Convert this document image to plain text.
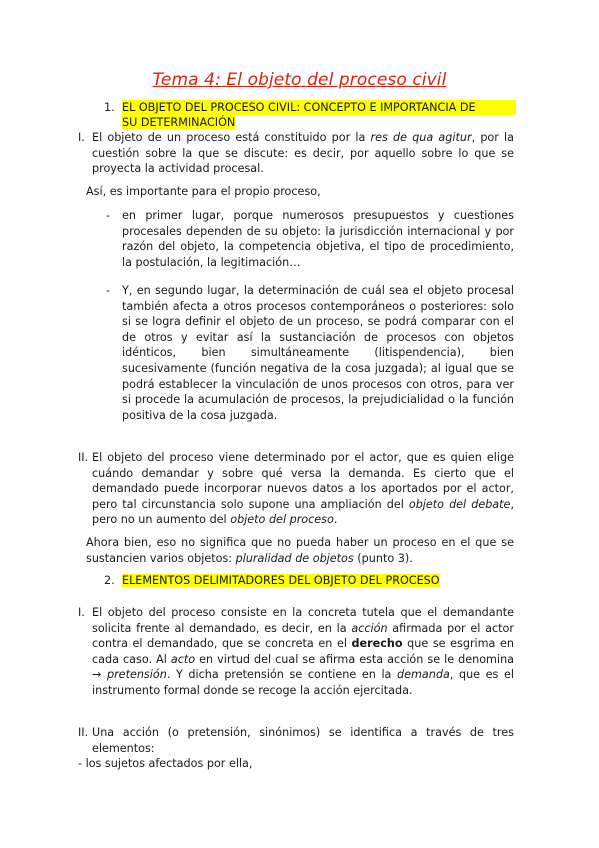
Tema 4: El objeto del proceso civil
1. EL OBJETO DEL PROCESO CIVIL: CONCEPTO E IMPORTANCIA DE
SU DETERMINACIÓN
I. El objeto de un proceso está constituido por la res de qua agitur, por la cuestión sobre la que se discute: es decir, por aquello sobre lo que se proyecta la actividad procesal.
Así, es importante para el propio proceso,
- en primer lugar, porque numerosos presupuestos y cuestiones procesales dependen de su objeto: la jurisdicción internacional y por razón del objeto, la competencia objetiva, el tipo de procedimiento, la postulación, la legitimación…
- Y, en segundo lugar, la determinación de cuál sea el objeto procesal también afecta a otros procesos contemporáneos o posteriores: solo si se logra definir el objeto de un proceso, se podrá comparar con el de otros y evitar así la sustanciación de procesos con objetos idénticos, bien simultáneamente (litispendencia), bien sucesivamente (función negativa de la cosa juzgada); al igual que se podrá establecer la vinculación de unos procesos con otros, para ver si procede la acumulación de procesos, la prejudicialidad o la función positiva de la cosa juzgada.
II. El objeto del proceso viene determinado por el actor, que es quien elige cuándo demandar y sobre qué versa la demanda. Es cierto que el demandado puede incorporar nuevos datos a los aportados por el actor, pero tal circunstancia solo supone una ampliación del objeto del debate, pero no un aumento del objeto del proceso.
Ahora bien, eso no significa que no pueda haber un proceso en el que se sustancien varios objetos: pluralidad de objetos (punto 3).
2. ELEMENTOS DELIMITADORES DEL OBJETO DEL PROCESO
I. El objeto del proceso consiste en la concreta tutela que el demandante solicita frente al demandado, es decir, en la acción afirmada por el actor contra el demandado, que se concreta en el derecho que se esgrima en cada caso. Al acto en virtud del cual se afirma esta acción se le denomina → pretensión. Y dicha pretensión se contiene en la demanda, que es el instrumento formal donde se recoge la acción ejercitada.
II. Una acción (o pretensión, sinónimos) se identifica a través de tres elementos:
- los sujetos afectados por ella,
